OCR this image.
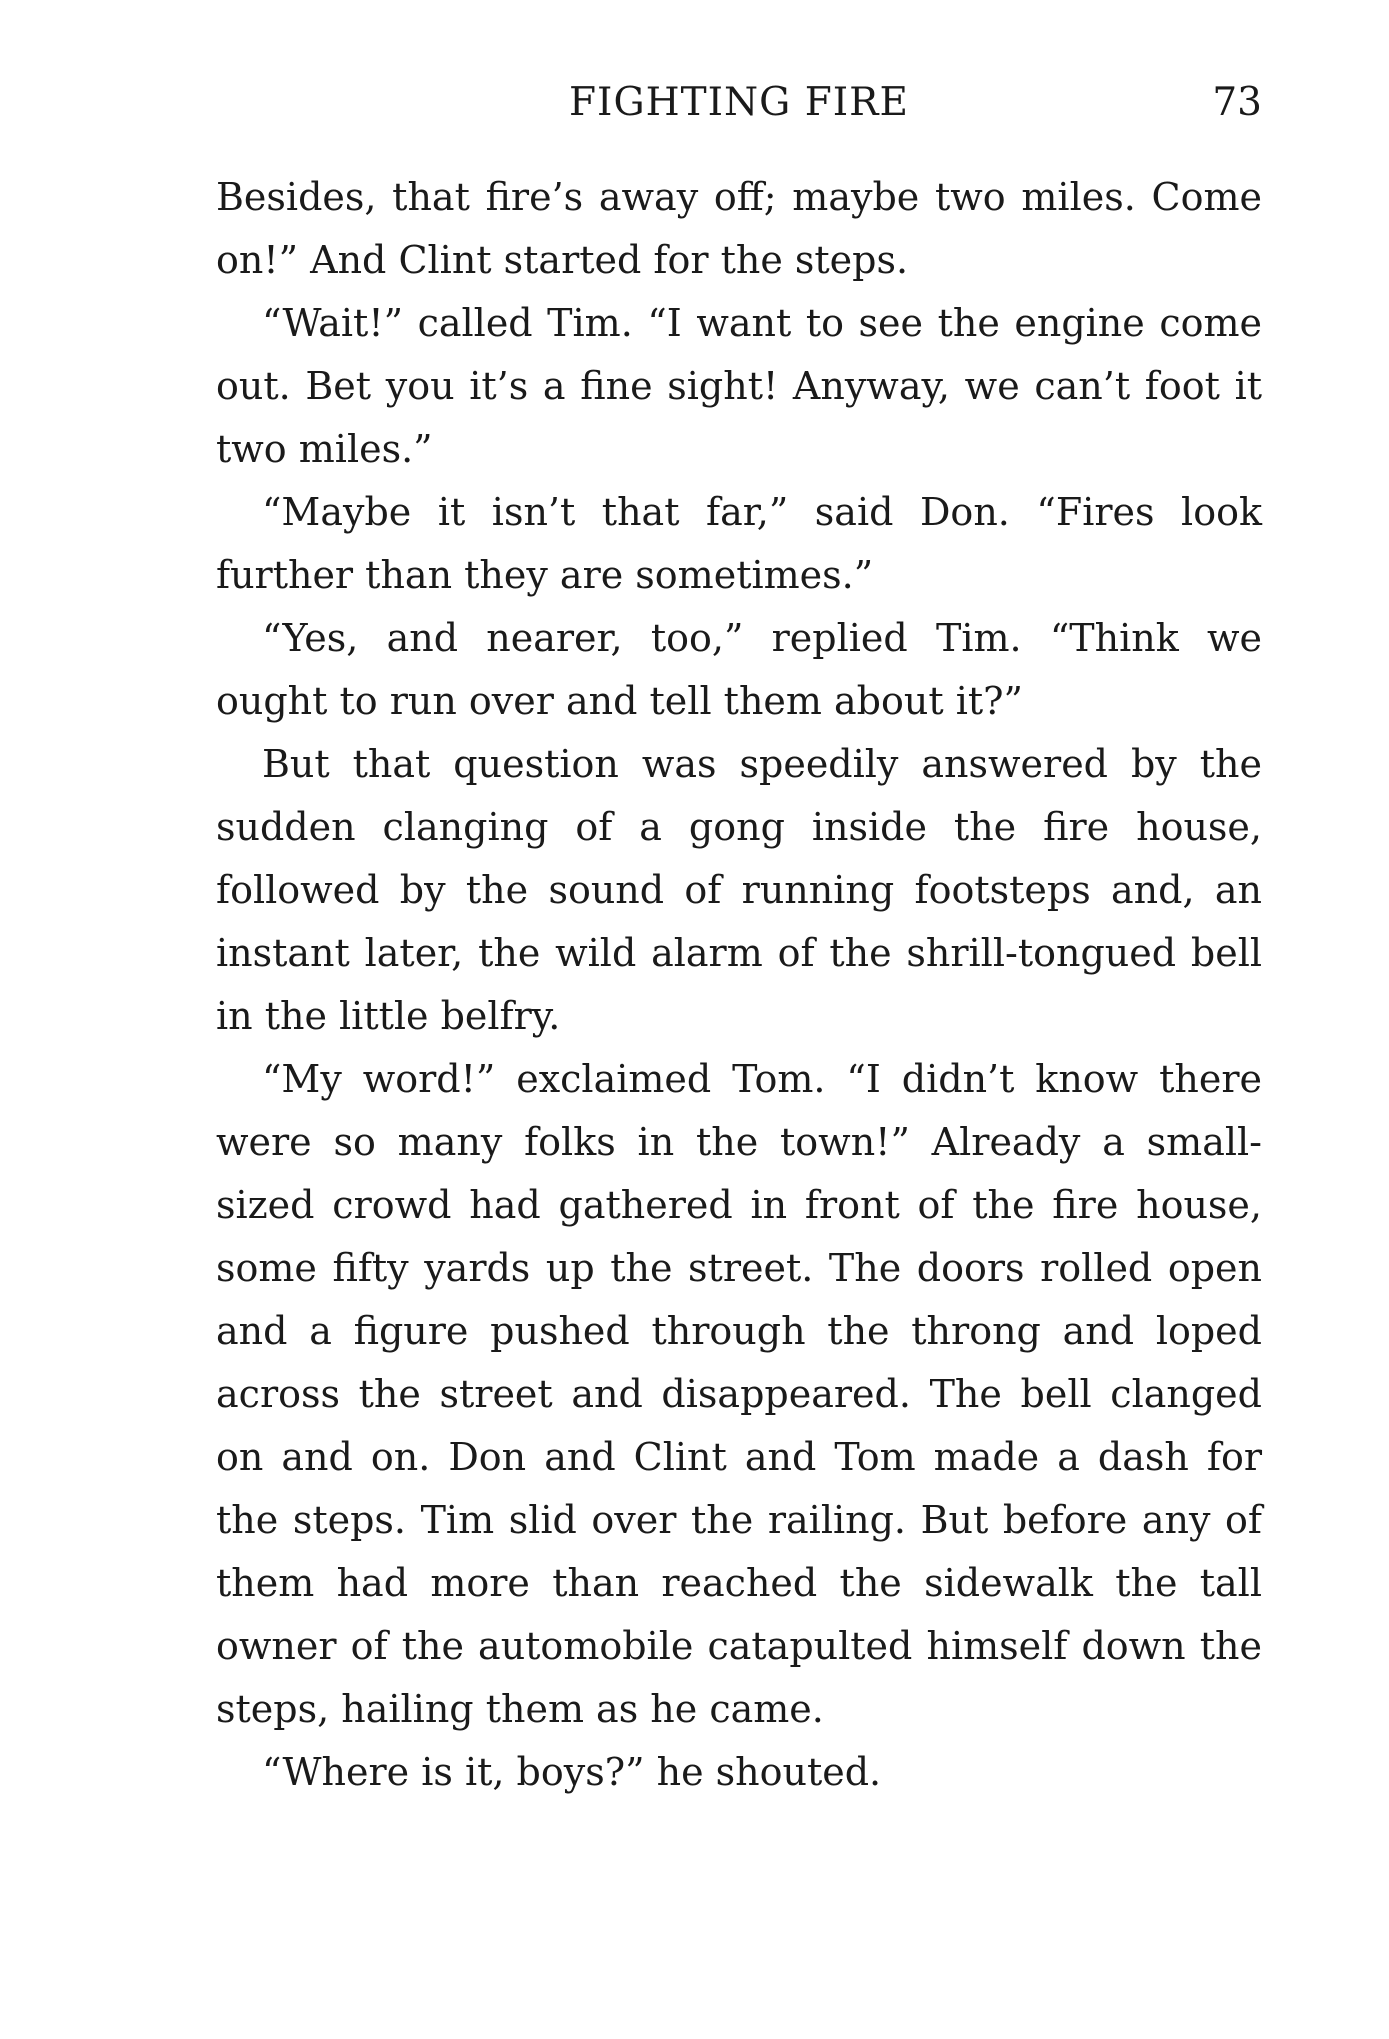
FIGHTING FIRE	73

Besides, that fire’s away off; maybe two miles. Come on!” And Clint started for the steps.

“Wait!” called Tim. “I want to see the engine come out. Bet you it’s a fine sight! Anyway, we can’t foot it two miles.”

“Maybe it isn’t that far,” said Don. “Fires look further than they are sometimes.”

“Yes, and nearer, too,” replied Tim. “Think we ought to run over and tell them about it?”

But that question was speedily answered by the sudden clanging of a gong inside the fire house, followed by the sound of running footsteps and, an instant later, the wild alarm of the shrill-tongued bell in the little belfry.

“My word!” exclaimed Tom. “I didn’t know there were so many folks in the town!” Already a small-sized crowd had gathered in front of the fire house, some fifty yards up the street. The doors rolled open and a figure pushed through the throng and loped across the street and disappeared. The bell clanged on and on. Don and Clint and Tom made a dash for the steps. Tim slid over the railing. But before any of them had more than reached the sidewalk the tall owner of the automobile catapulted himself down the steps, hailing them as he came.

“Where is it, boys?” he shouted.
